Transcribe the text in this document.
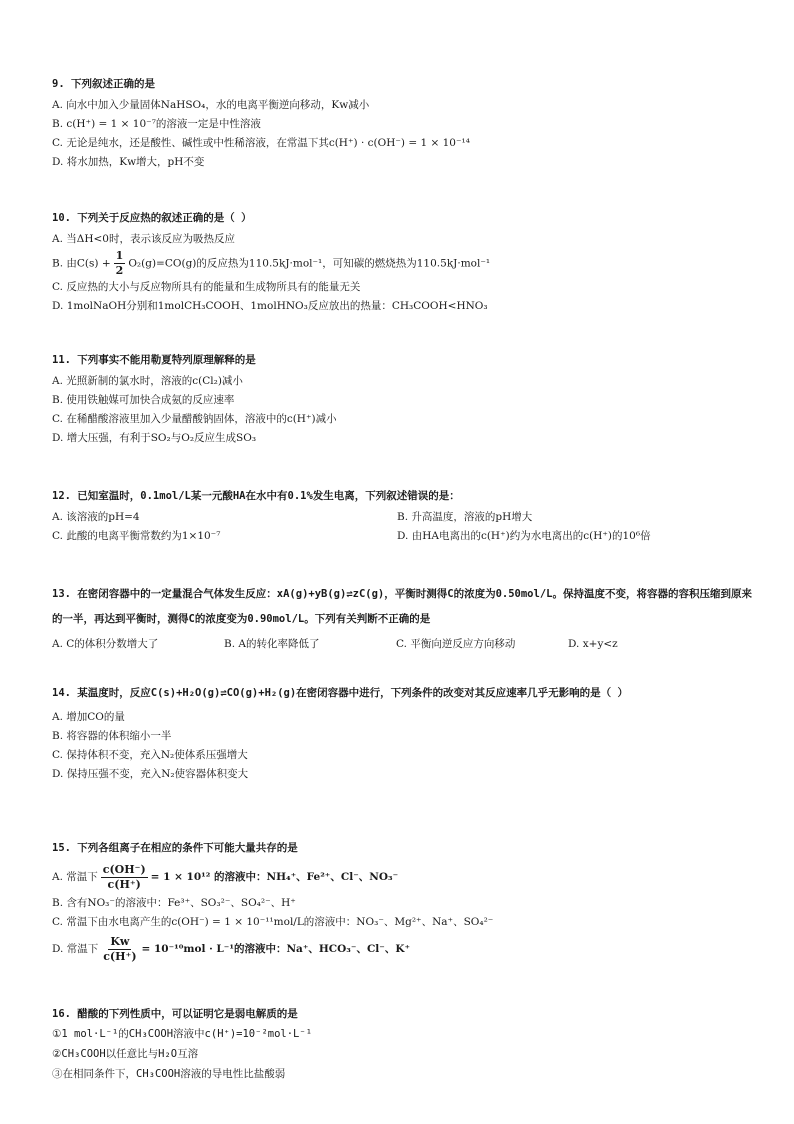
9. 下列叙述正确的是
A. 向水中加入少量固体NaHSO₄，水的电离平衡逆向移动，Kw减小
B. c(H⁺) = 1 × 10⁻⁷的溶液一定是中性溶液
C. 无论是纯水，还是酸性、碱性或中性稀溶液，在常温下其c(H⁺) · c(OH⁻) = 1 × 10⁻¹⁴
D. 将水加热，Kw增大，pH不变
10. 下列关于反应热的叙述正确的是（ ）
A. 当ΔH<0时，表示该反应为吸热反应
B. 由$C(s) + \frac{1}{2} O_2(g)=CO(g)$的反应热为110.5kJ·mol⁻¹，可知碳的燃烧热为110.5kJ·mol⁻¹
C. 反应热的大小与反应物所具有的能量和生成物所具有的能量无关
D. 1molNaOH分别和1molCH₃COOH、1molHNO₃反应放出的热量：CH₃COOH<HNO₃
11. 下列事实不能用勒夏特列原理解释的是
A. 光照新制的氯水时，溶液的c(Cl₂)减小
B. 使用铁触媒可加快合成氨的反应速率
C. 在稀醋酸溶液里加入少量醋酸钠固体，溶液中的c(H⁺)减小
D. 增大压强，有利于SO₂与O₂反应生成SO₃
12. 已知室温时，0.1mol/L某一元酸HA在水中有0.1%发生电离，下列叙述错误的是：
A. 该溶液的pH=4	B. 升高温度，溶液的pH增大
C. 此酸的电离平衡常数约为1×10⁻⁷	D. 由HA电离出的c(H⁺)约为水电离出的c(H⁺)的10⁶倍
13. 在密闭容器中的一定量混合气体发生反应：xA(g)+yB(g)⇌zC(g)，平衡时测得C的浓度为0.50mol/L。保持温度不变，将容器的容积压缩到原来的一半，再达到平衡时，测得C的浓度变为0.90mol/L。下列有关判断不正确的是
A. C的体积分数增大了	B. A的转化率降低了	C. 平衡向逆反应方向移动	D. x+y<z
14. 某温度时，反应C(s)+H₂O(g)⇌CO(g)+H₂(g)在密闭容器中进行，下列条件的改变对其反应速率几乎无影响的是（ ）
A. 增加CO的量
B. 将容器的体积缩小一半
C. 保持体积不变，充入N₂使体系压强增大
D. 保持压强不变，充入N₂使容器体积变大
15. 下列各组离子在相应的条件下可能大量共存的是
A. 常温下 $\frac{c(OH^-)}{c(H^+)} = 1 \times 10^{12}$ 的溶液中：NH₄⁺、Fe²⁺、Cl⁻、NO₃⁻
B. 含有NO₃⁻的溶液中：Fe³⁺、SO₃²⁻、SO₄²⁻、H⁺
C. 常温下由水电离产生的c(OH⁻) = 1 × 10⁻¹¹mol/L的溶液中：NO₃⁻、Mg²⁺、Na⁺、SO₄²⁻
D. 常温下 $\frac{Kw}{c(H^+)} = 10^{-10}mol \cdot L^{-1}$的溶液中：Na⁺、HCO₃⁻、Cl⁻、K⁺
16. 醋酸的下列性质中，可以证明它是弱电解质的是
①1 mol·L⁻¹的CH₃COOH溶液中c(H⁺)=10⁻²mol·L⁻¹
②CH₃COOH以任意比与H₂O互溶
③在相同条件下，CH₃COOH溶液的导电性比盐酸弱
